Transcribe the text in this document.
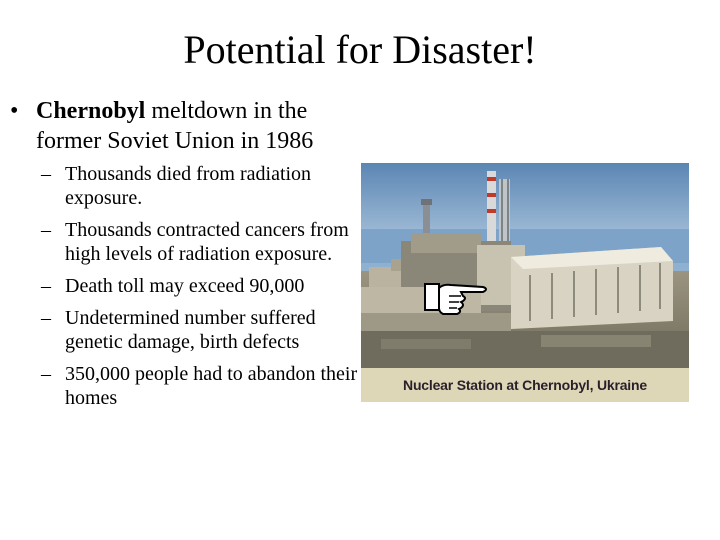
Potential for Disaster!
• Chernobyl meltdown in the former Soviet Union in 1986
– Thousands died from radiation exposure.
– Thousands contracted cancers from high levels of radiation exposure.
– Death toll may exceed 90,000
– Undetermined number suffered genetic damage, birth defects
– 350,000 people had to abandon their homes
Nuclear Station at Chernobyl, Ukraine
